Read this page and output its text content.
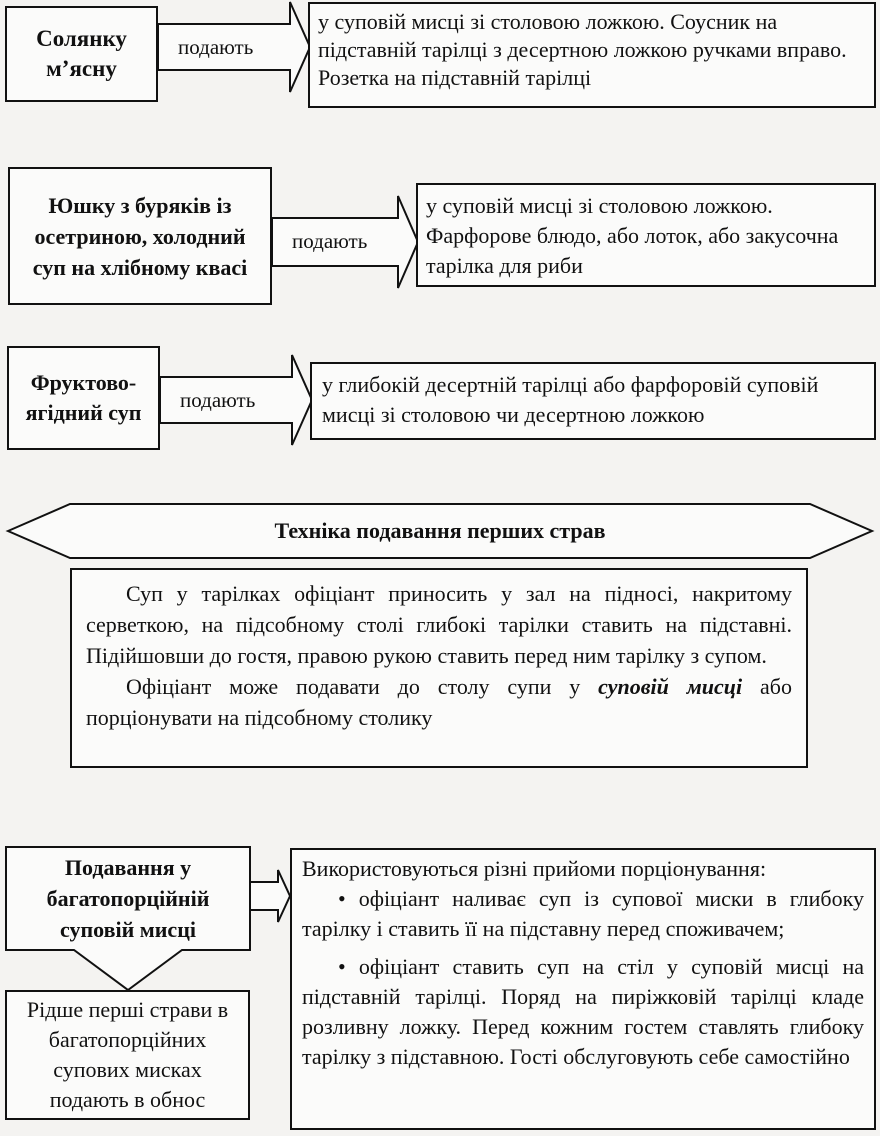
Солянку
м’ясну
подають
у суповій мисці зі столовою ложкою. Соусник на підставній тарілці з десертною ложкою ручками вправо. Розетка на підставній тарілці
Юшку з буряків із осетриною, холодний суп на хлібному квасі
подають
у суповій мисці зі столовою ложкою. Фарфорове блюдо, або лоток, або закусочна тарілка для риби
Фруктово-ягідний суп
подають
у глибокій десертній тарілці або фарфоровій суповій мисці зі столовою чи десертною ложкою
Техніка подавання перших страв
Суп у тарілках офіціант приносить у зал на підносі, накритому серветкою, на підсобному столі глибокі тарілки ставить на підставні. Підійшовши до гостя, правою рукою ставить перед ним тарілку з супом.
Офіціант може подавати до столу супи у суповій мисці або порціонувати на підсобному столику
Подавання у багатопорційній суповій мисці
Рідше перші страви в багатопорційних супових мисках подають в обнос
Використовуються різні прийоми порціонування:
• офіціант наливає суп із супової миски в глибоку тарілку і ставить її на підставну перед споживачем;
• офіціант ставить суп на стіл у суповій мисці на підставній тарілці. Поряд на пиріжковій тарілці кладе розливну ложку. Перед кожним гостем ставлять глибоку тарілку з підставною. Гості обслуговують себе самостійно
